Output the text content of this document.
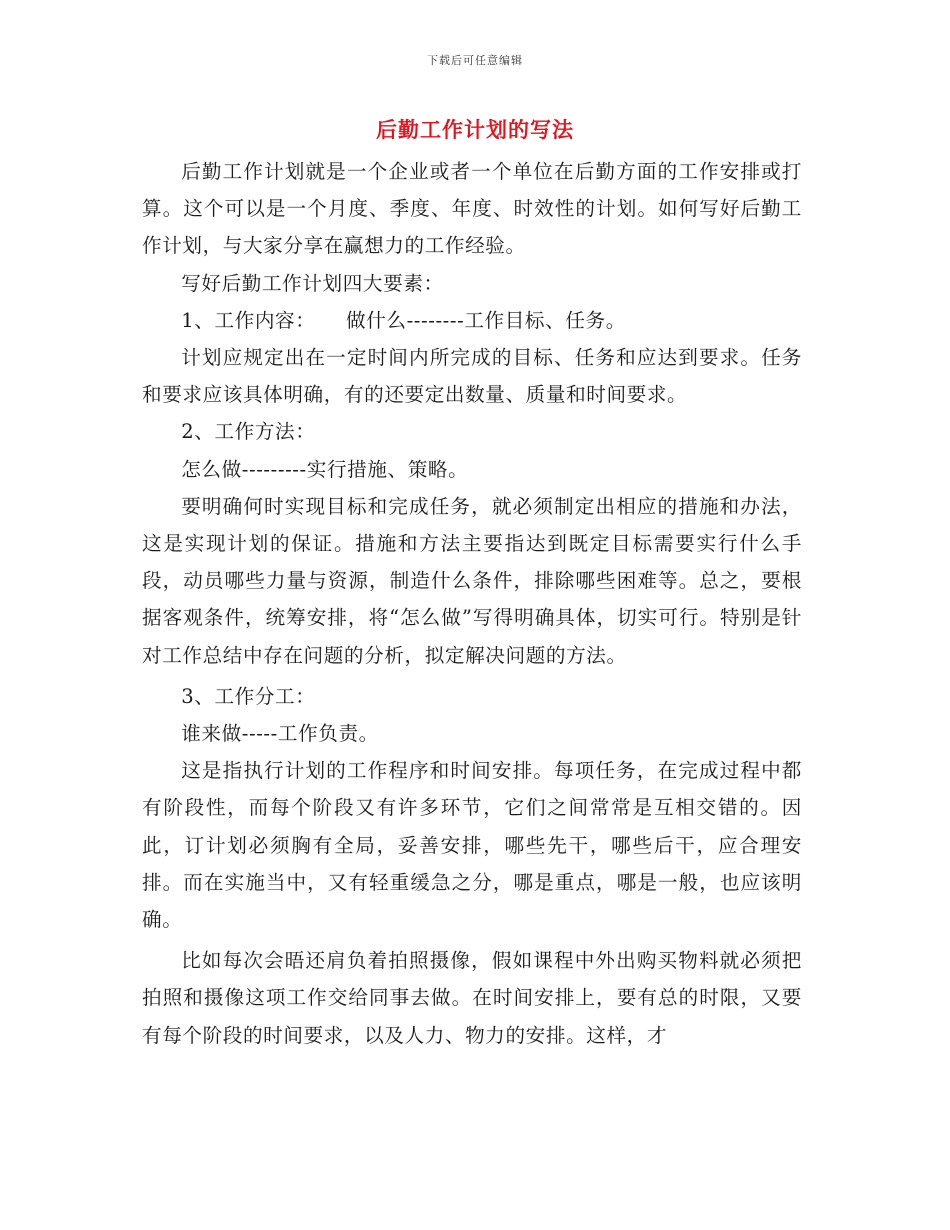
下载后可任意编辑
后勤工作计划的写法

后勤工作计划就是一个企业或者一个单位在后勤方面的工作安排或打算。这个可以是一个月度、季度、年度、时效性的计划。如何写好后勤工作计划，与大家分享在赢想力的工作经验。

写好后勤工作计划四大要素：

1、工作内容：　　做什么--------工作目标、任务。

计划应规定出在一定时间内所完成的目标、任务和应达到要求。任务和要求应该具体明确，有的还要定出数量、质量和时间要求。

2、工作方法：

怎么做---------实行措施、策略。

要明确何时实现目标和完成任务，就必须制定出相应的措施和办法，这是实现计划的保证。措施和方法主要指达到既定目标需要实行什么手段，动员哪些力量与资源，制造什么条件，排除哪些困难等。总之，要根据客观条件，统筹安排，将“怎么做”写得明确具体，切实可行。特别是针对工作总结中存在问题的分析，拟定解决问题的方法。

3、工作分工：

谁来做-----工作负责。

这是指执行计划的工作程序和时间安排。每项任务，在完成过程中都有阶段性，而每个阶段又有许多环节，它们之间常常是互相交错的。因此，订计划必须胸有全局，妥善安排，哪些先干，哪些后干，应合理安排。而在实施当中，又有轻重缓急之分，哪是重点，哪是一般，也应该明确。

比如每次会晤还肩负着拍照摄像，假如课程中外出购买物料就必须把拍照和摄像这项工作交给同事去做。在时间安排上，要有总的时限，又要有每个阶段的时间要求，以及人力、物力的安排。这样，才
